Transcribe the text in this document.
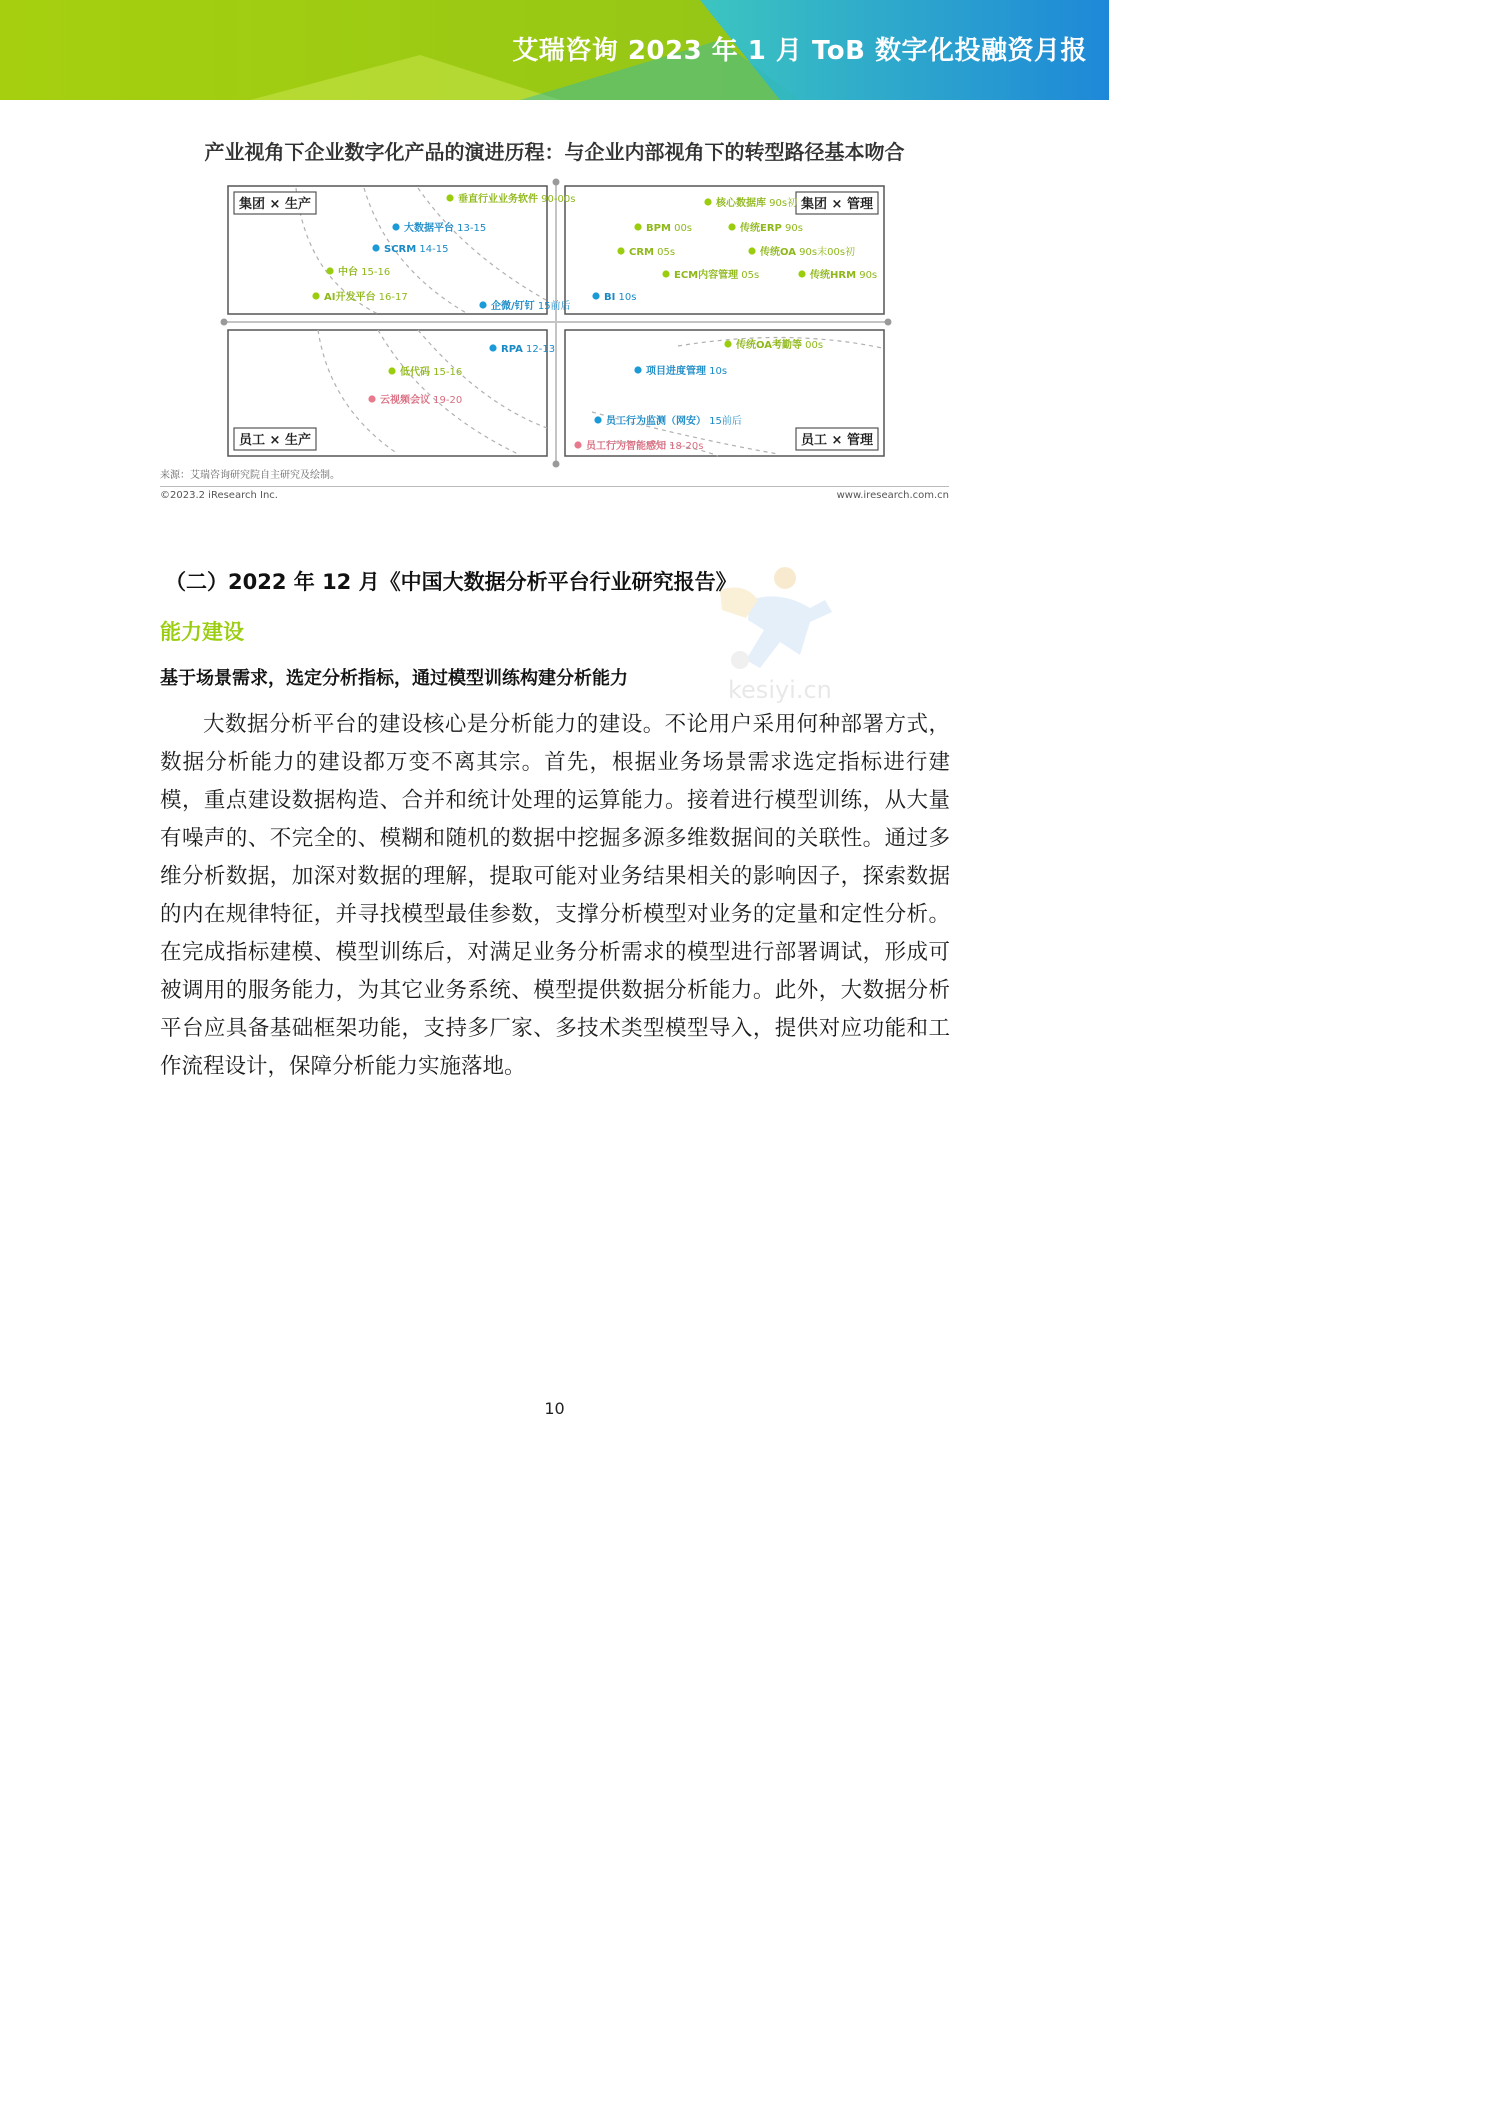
艾瑞咨询 2023 年 1 月 ToB 数字化投融资月报
产业视角下企业数字化产品的演进历程：与企业内部视角下的转型路径基本吻合
集团 × 生产	集团 × 管理
员工 × 生产	员工 × 管理
垂直行业业务软件 90-00s
大数据平台 13-15
SCRM 14-15
中台 15-16
AI开发平台 16-17
企微/钉钉 15前后
核心数据库 90s初
BPM 00s	传统ERP 90s
CRM 05s	传统OA 90s末00s初
ECM内容管理 05s	传统HRM 90s
BI 10s
RPA 12-13
低代码 15-16
云视频会议 19-20
传统OA考勤等 00s
项目进度管理 10s
员工行为监测（网安） 15前后
员工行为智能感知 18-20s
来源：艾瑞咨询研究院自主研究及绘制。
©2023.2 iResearch Inc.	www.iresearch.com.cn
kesiyi.cn
（二）2022 年 12 月《中国大数据分析平台行业研究报告》
能力建设
基于场景需求，选定分析指标，通过模型训练构建分析能力

大数据分析平台的建设核心是分析能力的建设。不论用户采用何种部署方式，数据分析能力的建设都万变不离其宗。首先，根据业务场景需求选定指标进行建模，重点建设数据构造、合并和统计处理的运算能力。接着进行模型训练，从大量有噪声的、不完全的、模糊和随机的数据中挖掘多源多维数据间的关联性。通过多维分析数据，加深对数据的理解，提取可能对业务结果相关的影响因子，探索数据的内在规律特征，并寻找模型最佳参数，支撑分析模型对业务的定量和定性分析。在完成指标建模、模型训练后，对满足业务分析需求的模型进行部署调试，形成可被调用的服务能力，为其它业务系统、模型提供数据分析能力。此外，大数据分析平台应具备基础框架功能，支持多厂家、多技术类型模型导入，提供对应功能和工作流程设计，保障分析能力实施落地。

10
